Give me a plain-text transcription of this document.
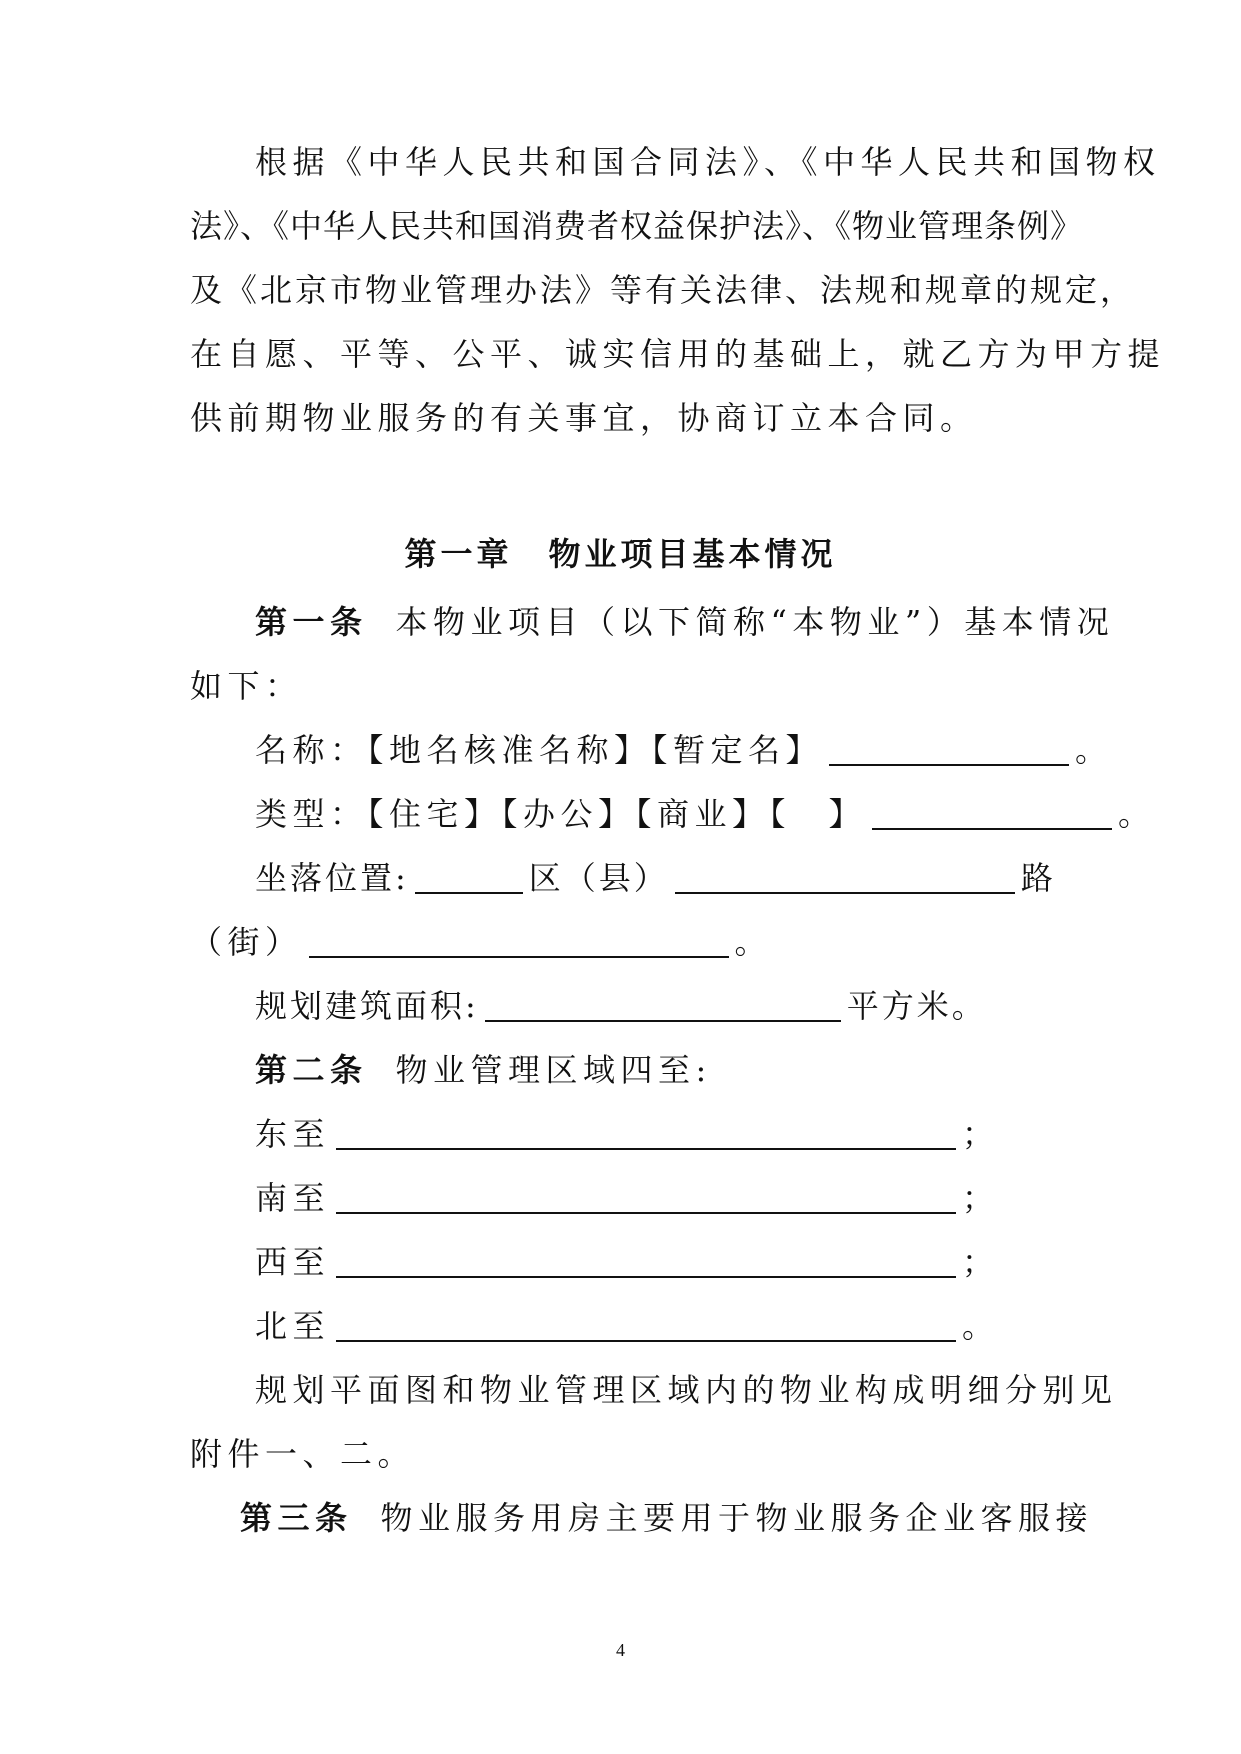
根据《中华人民共和国合同法》、《中华人民共和国物权
法》、《中华人民共和国消费者权益保护法》、《物业管理条例》
及《北京市物业管理办法》等有关法律、法规和规章的规定，
在自愿、平等、公平、诚实信用的基础上，就乙方为甲方提
供前期物业服务的有关事宜，协商订立本合同。
第一章　物业项目基本情况
第一条 本物业项目（以下简称“本物业”）基本情况
如下：
名称：【地名核准名称】【暂定名】	。
类型：【住宅】【办公】【商业】【　】	。
坐落位置:	区（县）	路
（街）	。
规划建筑面积:	平方米。
第二条 物业管理区域四至:
东至	；
南至	；
西至	；
北至	。
规划平面图和物业管理区域内的物业构成明细分别见
附件一、二。
第三条 物业服务用房主要用于物业服务企业客服接
4
